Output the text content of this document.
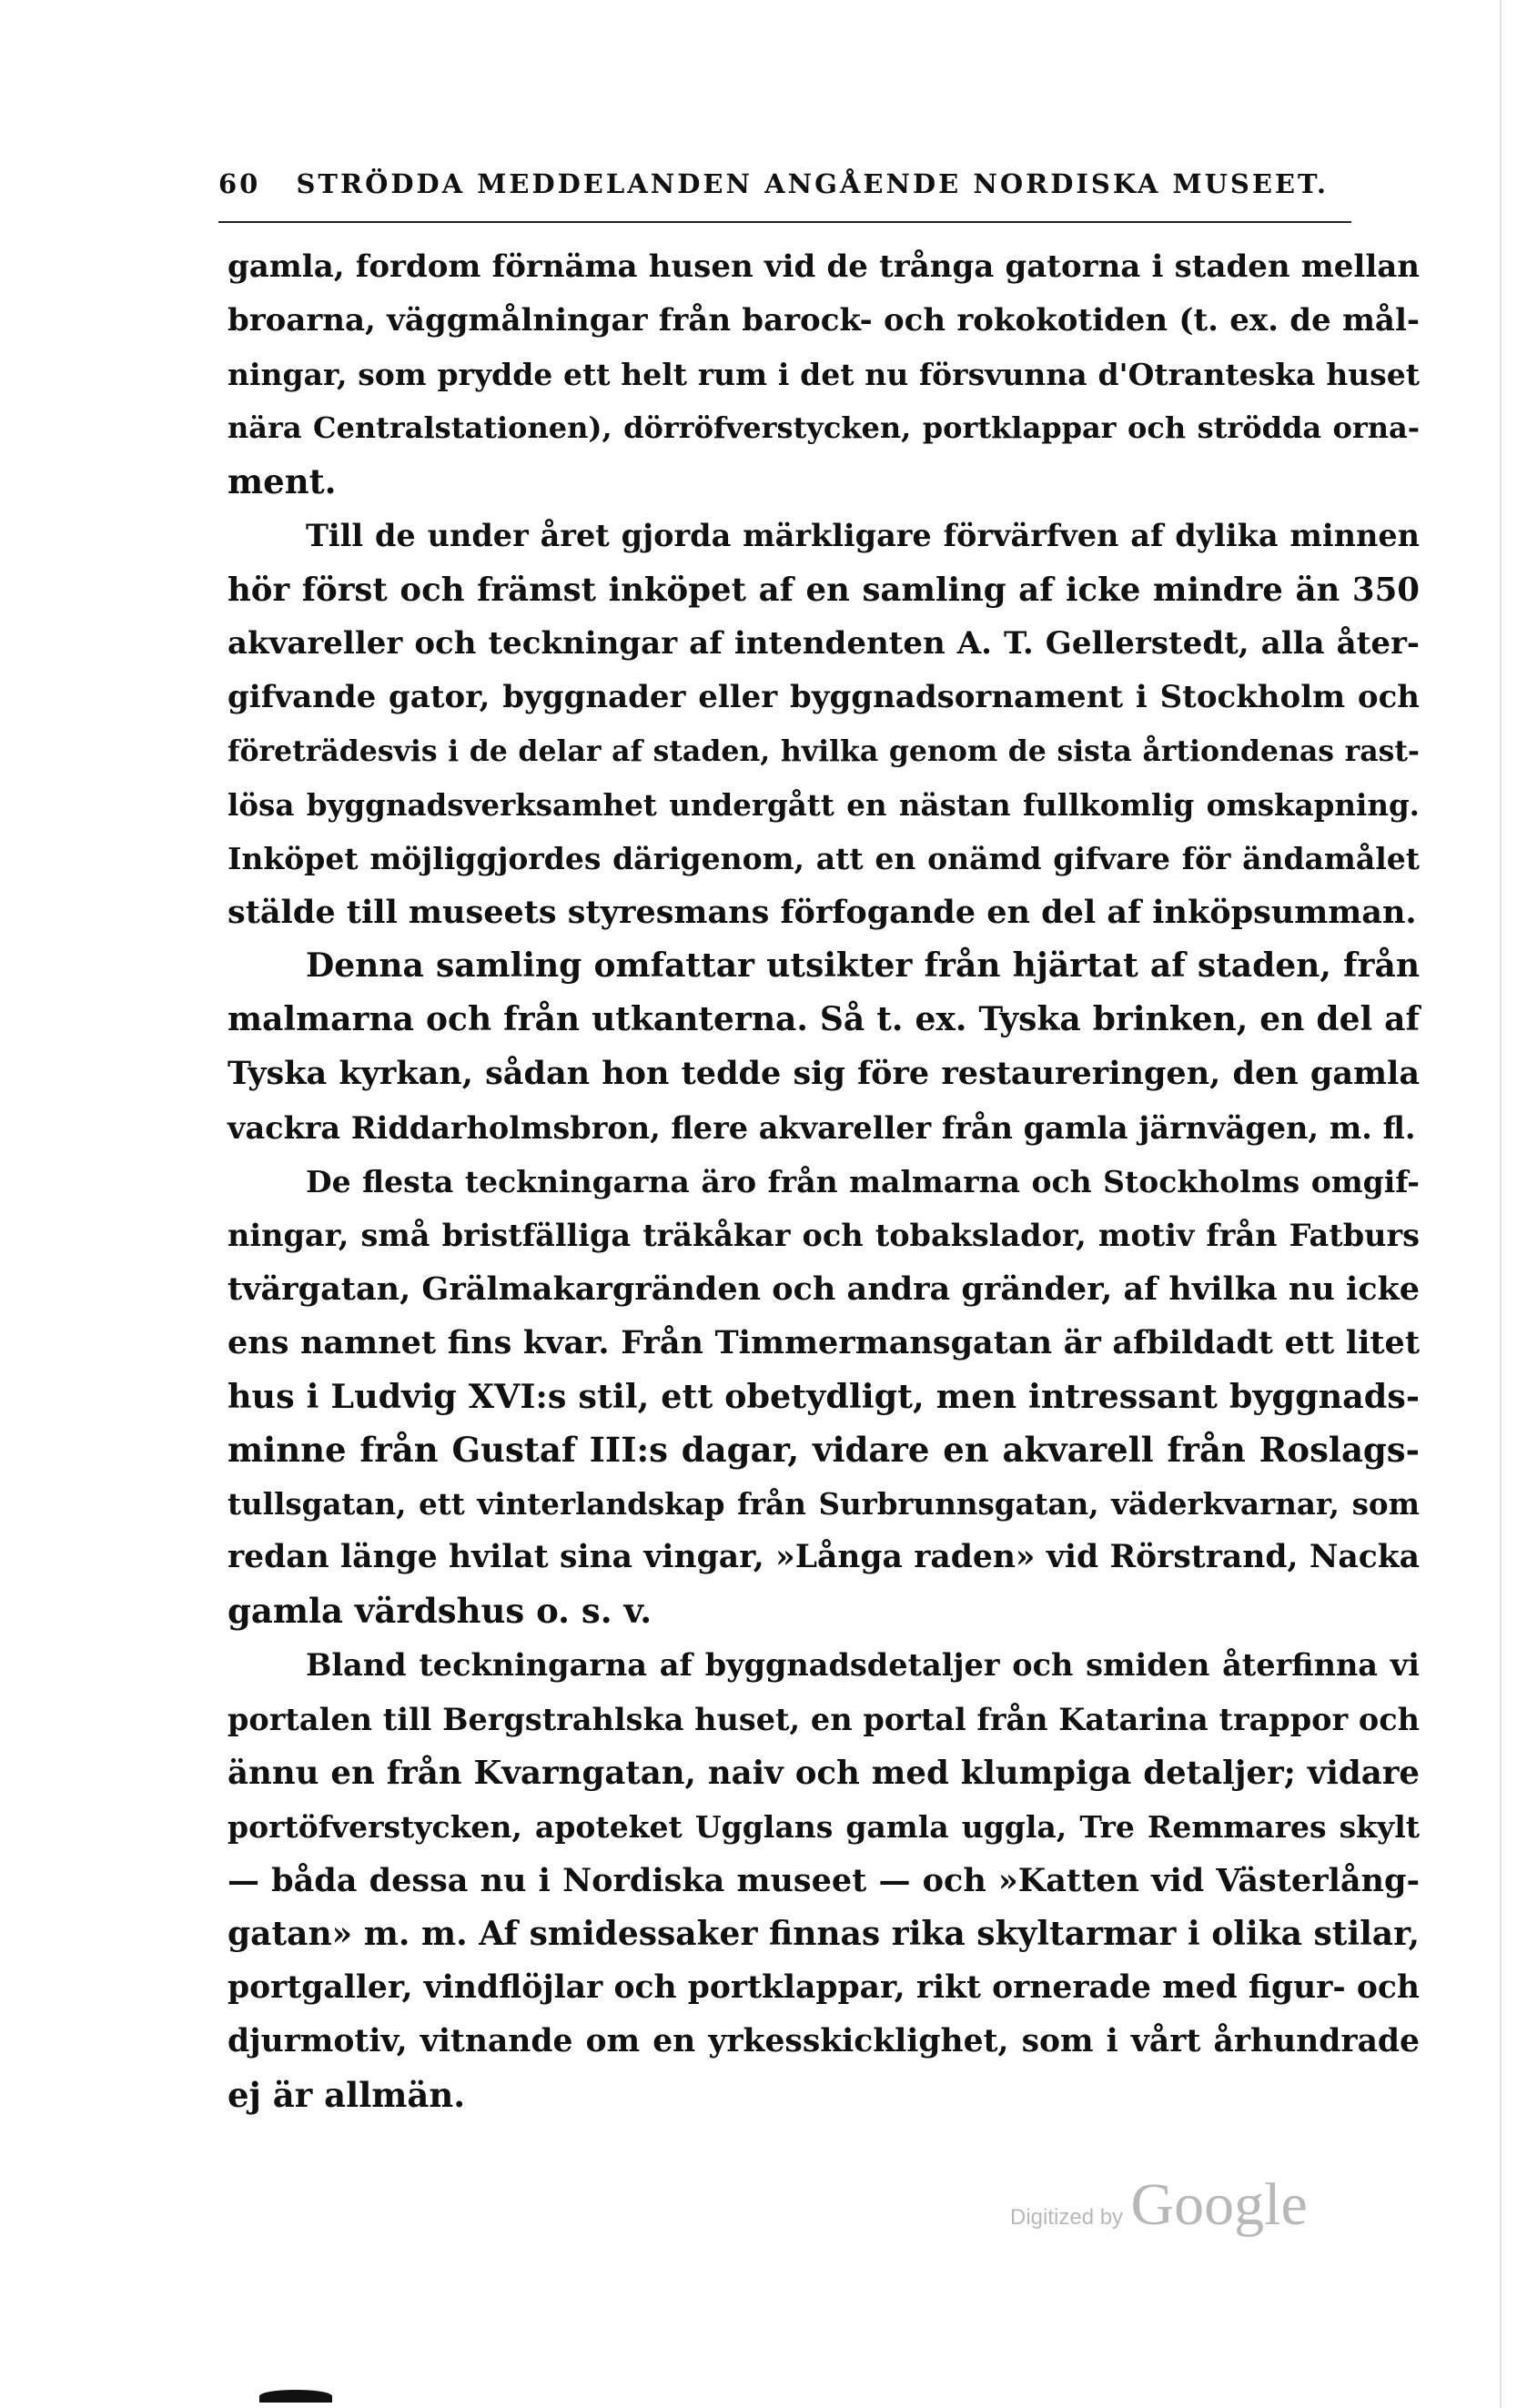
60 STRÖDDA MEDDELANDEN ANGÅENDE NORDISKA MUSEET.
gamla, fordom förnäma husen vid de trånga gatorna i staden mellan
broarna, väggmålningar från barock- och rokokotiden (t. ex. de mål-
ningar, som prydde ett helt rum i det nu försvunna d'Otranteska huset
nära Centralstationen), dörröfverstycken, portklappar och strödda orna-
ment.
Till de under året gjorda märkligare förvärfven af dylika minnen
hör först och främst inköpet af en samling af icke mindre än 350
akvareller och teckningar af intendenten A. T. Gellerstedt, alla åter-
gifvande gator, byggnader eller byggnadsornament i Stockholm och
företrädesvis i de delar af staden, hvilka genom de sista årtiondenas rast-
lösa byggnadsverksamhet undergått en nästan fullkomlig omskapning.
Inköpet möjliggjordes därigenom, att en onämd gifvare för ändamålet
stälde till museets styresmans förfogande en del af inköpsumman.
Denna samling omfattar utsikter från hjärtat af staden, från
malmarna och från utkanterna. Så t. ex. Tyska brinken, en del af
Tyska kyrkan, sådan hon tedde sig före restaureringen, den gamla
vackra Riddarholmsbron, flere akvareller från gamla järnvägen, m. fl.
De flesta teckningarna äro från malmarna och Stockholms omgif-
ningar, små bristfälliga träkåkar och tobakslador, motiv från Fatburs
tvärgatan, Grälmakargränden och andra gränder, af hvilka nu icke
ens namnet fins kvar. Från Timmermansgatan är afbildadt ett litet
hus i Ludvig XVI:s stil, ett obetydligt, men intressant byggnads-
minne från Gustaf III:s dagar, vidare en akvarell från Roslags-
tullsgatan, ett vinterlandskap från Surbrunnsgatan, väderkvarnar, som
redan länge hvilat sina vingar, »Långa raden» vid Rörstrand, Nacka
gamla värdshus o. s. v.
Bland teckningarna af byggnadsdetaljer och smiden återfinna vi
portalen till Bergstrahlska huset, en portal från Katarina trappor och
ännu en från Kvarngatan, naiv och med klumpiga detaljer; vidare
portöfverstycken, apoteket Ugglans gamla uggla, Tre Remmares skylt
— båda dessa nu i Nordiska museet — och »Katten vid Västerlång-
gatan» m. m. Af smidessaker finnas rika skyltarmar i olika stilar,
portgaller, vindflöjlar och portklappar, rikt ornerade med figur- och
djurmotiv, vitnande om en yrkesskicklighet, som i vårt århundrade
ej är allmän.
Digitized by Google
